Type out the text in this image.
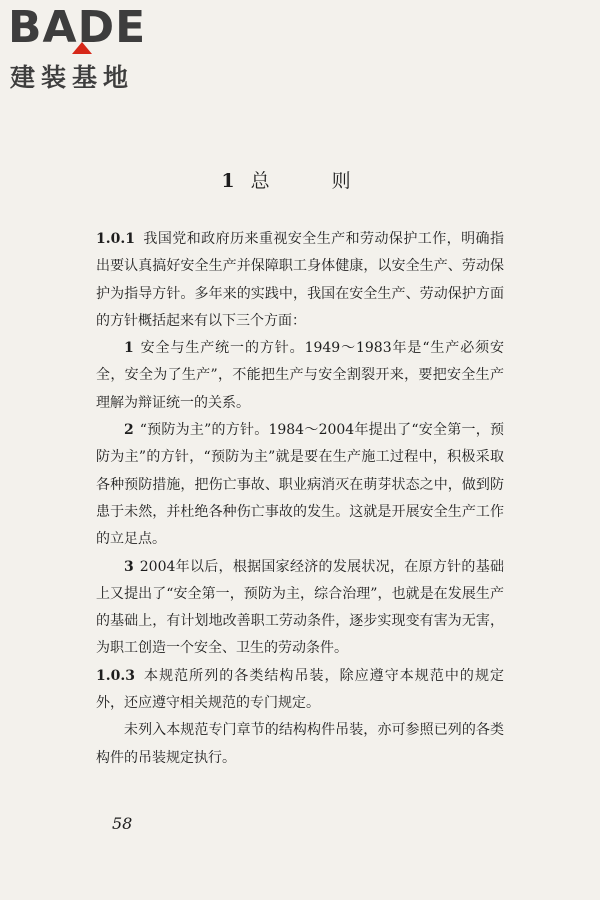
BADE
建装基地
1 总 则

1.0.1 我国党和政府历来重视安全生产和劳动保护工作，明确指出要认真搞好安全生产并保障职工身体健康，以安全生产、劳动保护为指导方针。多年来的实践中，我国在安全生产、劳动保护方面的方针概括起来有以下三个方面：

1 安全与生产统一的方针。1949～1983年是“生产必须安全，安全为了生产”，不能把生产与安全割裂开来，要把安全生产理解为辩证统一的关系。

2 “预防为主”的方针。1984～2004年提出了“安全第一，预防为主”的方针，“预防为主”就是要在生产施工过程中，积极采取各种预防措施，把伤亡事故、职业病消灭在萌芽状态之中，做到防患于未然，并杜绝各种伤亡事故的发生。这就是开展安全生产工作的立足点。

3 2004年以后，根据国家经济的发展状况，在原方针的基础上又提出了“安全第一，预防为主，综合治理”，也就是在发展生产的基础上，有计划地改善职工劳动条件，逐步实现变有害为无害，为职工创造一个安全、卫生的劳动条件。

1.0.3 本规范所列的各类结构吊装，除应遵守本规范中的规定外，还应遵守相关规范的专门规定。

未列入本规范专门章节的结构构件吊装，亦可参照已列的各类构件的吊装规定执行。

58
